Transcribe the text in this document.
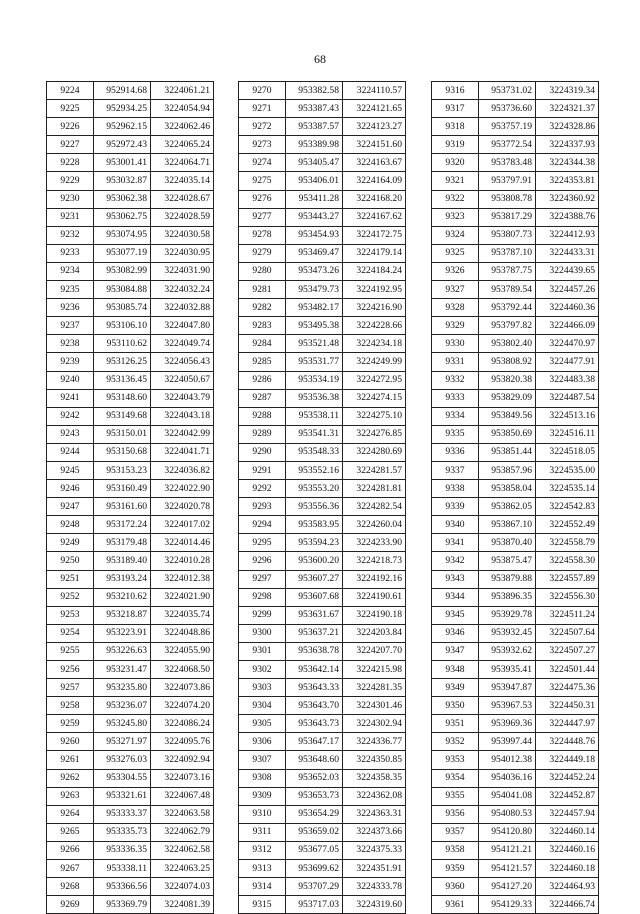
68
9224	952914.68	3224061.21
9225	952934.25	3224054.94
9226	952962.15	3224062.46
9227	952972.43	3224065.24
9228	953001.41	3224064.71
9229	953032.87	3224035.14
9230	953062.38	3224028.67
9231	953062.75	3224028.59
9232	953074.95	3224030.58
9233	953077.19	3224030.95
9234	953082.99	3224031.90
9235	953084.88	3224032.24
9236	953085.74	3224032.88
9237	953106.10	3224047.80
9238	953110.62	3224049.74
9239	953126.25	3224056.43
9240	953136.45	3224050.67
9241	953148.60	3224043.79
9242	953149.68	3224043.18
9243	953150.01	3224042.99
9244	953150.68	3224041.71
9245	953153.23	3224036.82
9246	953160.49	3224022.90
9247	953161.60	3224020.78
9248	953172.24	3224017.02
9249	953179.48	3224014.46
9250	953189.40	3224010.28
9251	953193.24	3224012.38
9252	953210.62	3224021.90
9253	953218.87	3224035.74
9254	953223.91	3224048.86
9255	953226.63	3224055.90
9256	953231.47	3224068.50
9257	953235.80	3224073.86
9258	953236.07	3224074.20
9259	953245.80	3224086.24
9260	953271.97	3224095.76
9261	953276.03	3224092.94
9262	953304.55	3224073.16
9263	953321.61	3224067.48
9264	953333.37	3224063.58
9265	953335.73	3224062.79
9266	953336.35	3224062.58
9267	953338.11	3224063.25
9268	953366.56	3224074.03
9269	953369.79	3224081.39
9270	953382.58	3224110.57
9271	953387.43	3224121.65
9272	953387.57	3224123.27
9273	953389.98	3224151.60
9274	953405.47	3224163.67
9275	953406.01	3224164.09
9276	953411.28	3224168.20
9277	953443.27	3224167.62
9278	953454.93	3224172.75
9279	953469.47	3224179.14
9280	953473.26	3224184.24
9281	953479.73	3224192.95
9282	953482.17	3224216.90
9283	953495.38	3224228.66
9284	953521.48	3224234.18
9285	953531.77	3224249.99
9286	953534.19	3224272.95
9287	953536.38	3224274.15
9288	953538.11	3224275.10
9289	953541.31	3224276.85
9290	953548.33	3224280.69
9291	953552.16	3224281.57
9292	953553.20	3224281.81
9293	953556.36	3224282.54
9294	953583.95	3224260.04
9295	953594.23	3224233.90
9296	953600.20	3224218.73
9297	953607.27	3224192.16
9298	953607.68	3224190.61
9299	953631.67	3224190.18
9300	953637.21	3224203.84
9301	953638.78	3224207.70
9302	953642.14	3224215.98
9303	953643.33	3224281.35
9304	953643.70	3224301.46
9305	953643.73	3224302.94
9306	953647.17	3224336.77
9307	953648.60	3224350.85
9308	953652.03	3224358.35
9309	953653.73	3224362.08
9310	953654.29	3224363.31
9311	953659.02	3224373.66
9312	953677.05	3224375.33
9313	953699.62	3224351.91
9314	953707.29	3224333.78
9315	953717.03	3224319.60
9316	953731.02	3224319.34
9317	953736.60	3224321.37
9318	953757.19	3224328.86
9319	953772.54	3224337.93
9320	953783.48	3224344.38
9321	953797.91	3224353.81
9322	953808.78	3224360.92
9323	953817.29	3224388.76
9324	953807.73	3224412.93
9325	953787.10	3224433.31
9326	953787.75	3224439.65
9327	953789.54	3224457.26
9328	953792.44	3224460.36
9329	953797.82	3224466.09
9330	953802.40	3224470.97
9331	953808.92	3224477.91
9332	953820.38	3224483.38
9333	953829.09	3224487.54
9334	953849.56	3224513.16
9335	953850.69	3224516.11
9336	953851.44	3224518.05
9337	953857.96	3224535.00
9338	953858.04	3224535.14
9339	953862.05	3224542.83
9340	953867.10	3224552.49
9341	953870.40	3224558.79
9342	953875.47	3224558.30
9343	953879.88	3224557.89
9344	953896.35	3224556.30
9345	953929.78	3224511.24
9346	953932.45	3224507.64
9347	953932.62	3224507.27
9348	953935.41	3224501.44
9349	953947.87	3224475.36
9350	953967.53	3224450.31
9351	953969.36	3224447.97
9352	953997.44	3224448.76
9353	954012.38	3224449.18
9354	954036.16	3224452.24
9355	954041.08	3224452.87
9356	954080.53	3224457.94
9357	954120.80	3224460.14
9358	954121.21	3224460.16
9359	954121.57	3224460.18
9360	954127.20	3224464.93
9361	954129.33	3224466.74
